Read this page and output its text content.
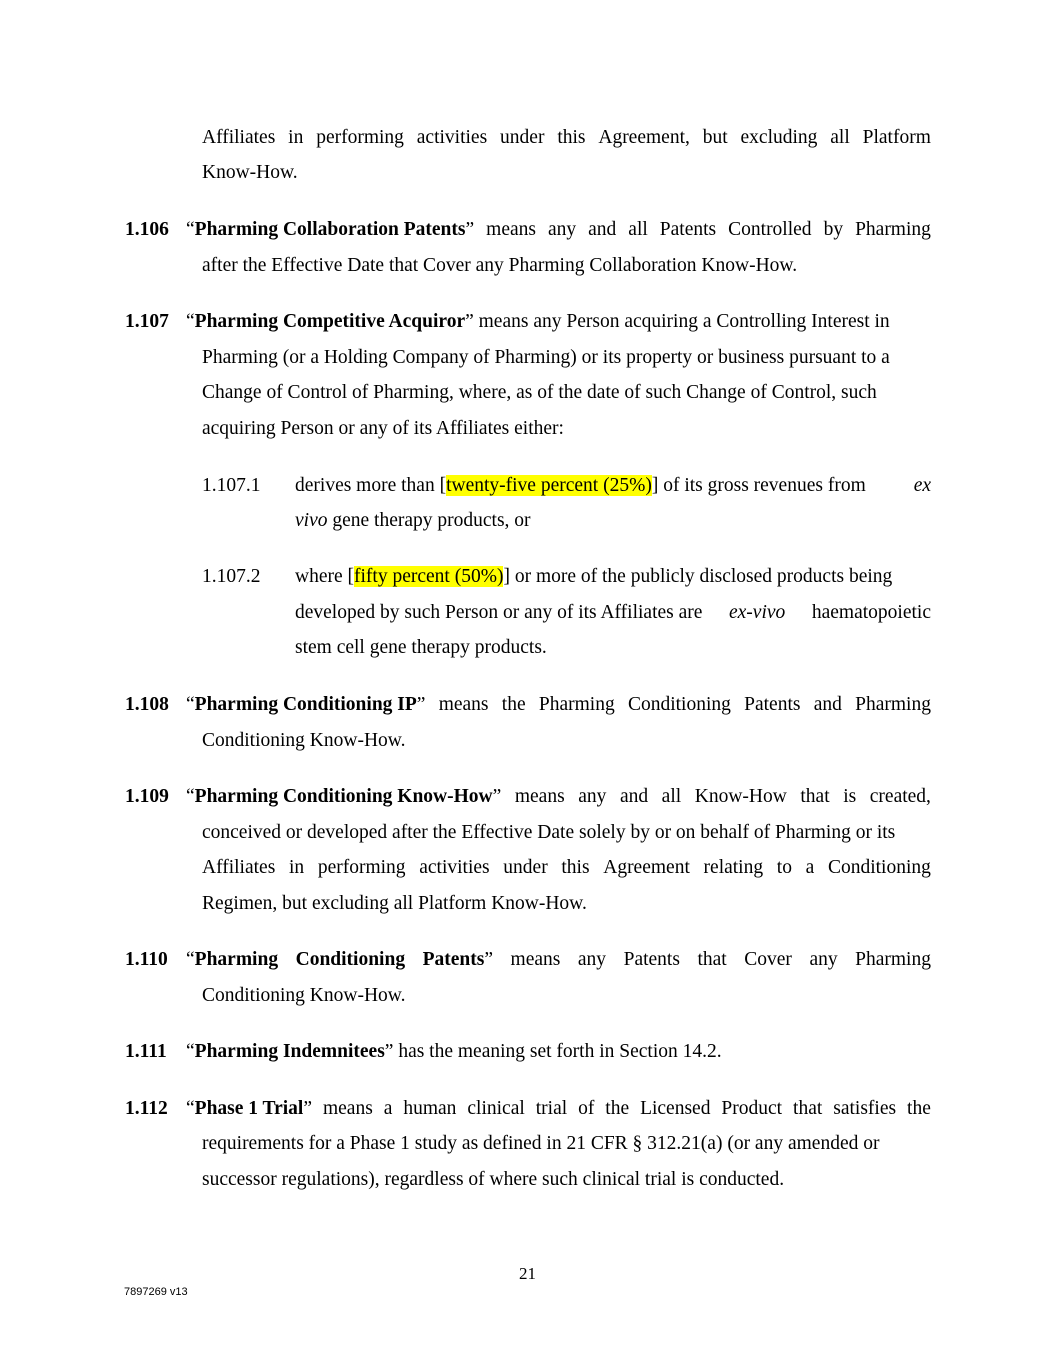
Affiliates in performing activities under this Agreement, but excluding all Platform
Know-How.
1.106 “Pharming Collaboration Patents” means any and all Patents Controlled by Pharming
after the Effective Date that Cover any Pharming Collaboration Know-How.
1.107 “Pharming Competitive Acquiror” means any Person acquiring a Controlling Interest in
Pharming (or a Holding Company of Pharming) or its property or business pursuant to a
Change of Control of Pharming, where, as of the date of such Change of Control, such
acquiring Person or any of its Affiliates either:
1.107.1 derives more than [twenty-five percent (25%)] of its gross revenues from ex
vivo gene therapy products, or
1.107.2 where [fifty percent (50%)] or more of the publicly disclosed products being
developed by such Person or any of its Affiliates are ex-vivo haematopoietic
stem cell gene therapy products.
1.108 “Pharming Conditioning IP” means the Pharming Conditioning Patents and Pharming
Conditioning Know-How.
1.109 “Pharming Conditioning Know-How” means any and all Know-How that is created,
conceived or developed after the Effective Date solely by or on behalf of Pharming or its
Affiliates in performing activities under this Agreement relating to a Conditioning
Regimen, but excluding all Platform Know-How.
1.110 “Pharming Conditioning Patents” means any Patents that Cover any Pharming
Conditioning Know-How.
1.111 “Pharming Indemnitees” has the meaning set forth in Section 14.2.
1.112 “Phase 1 Trial” means a human clinical trial of the Licensed Product that satisfies the
requirements for a Phase 1 study as defined in 21 CFR § 312.21(a) (or any amended or
successor regulations), regardless of where such clinical trial is conducted.
21
7897269 v13
